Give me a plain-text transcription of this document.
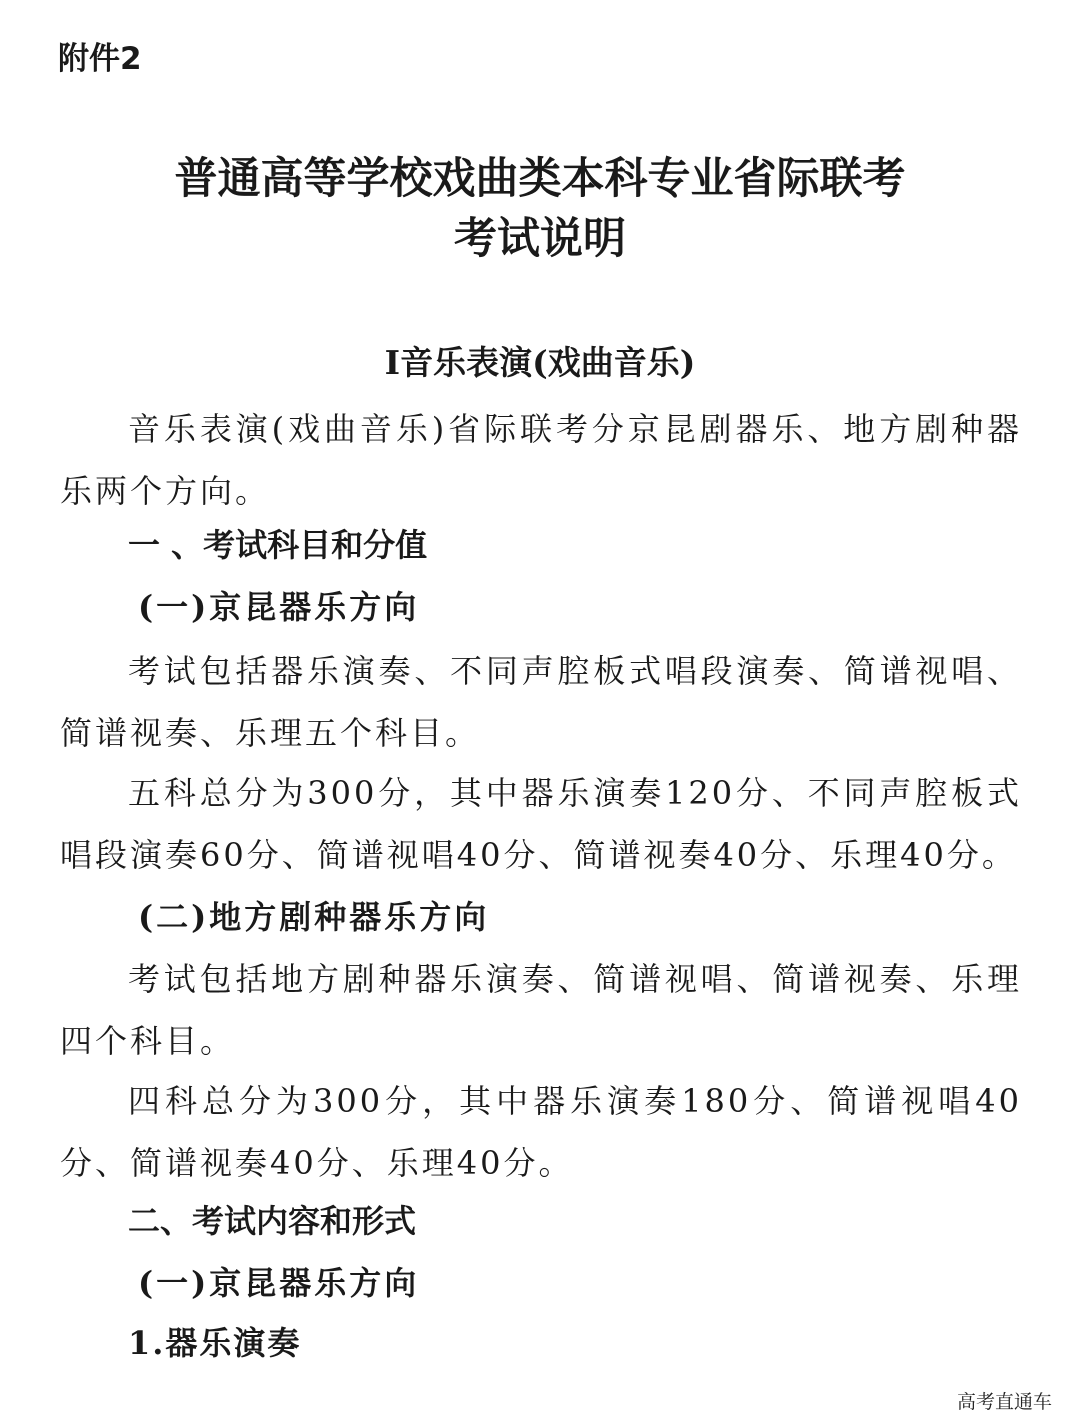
附件2

普通高等学校戏曲类本科专业省际联考
考试说明
Ⅰ音乐表演(戏曲音乐)

音乐表演(戏曲音乐)省际联考分京昆剧器乐、地方剧种器乐两个方向。

一 、考试科目和分值
(一)京昆器乐方向

考试包括器乐演奏、不同声腔板式唱段演奏、简谱视唱、简谱视奏、乐理五个科目。

五科总分为300分，其中器乐演奏120分、不同声腔板式唱段演奏60分、简谱视唱40分、简谱视奏40分、乐理40分。

(二)地方剧种器乐方向

考试包括地方剧种器乐演奏、简谱视唱、简谱视奏、乐理四个科目。

四科总分为300分，其中器乐演奏180分、简谱视唱40分、简谱视奏40分、乐理40分。

二、考试内容和形式
(一)京昆器乐方向
1.器乐演奏
高考直通车
